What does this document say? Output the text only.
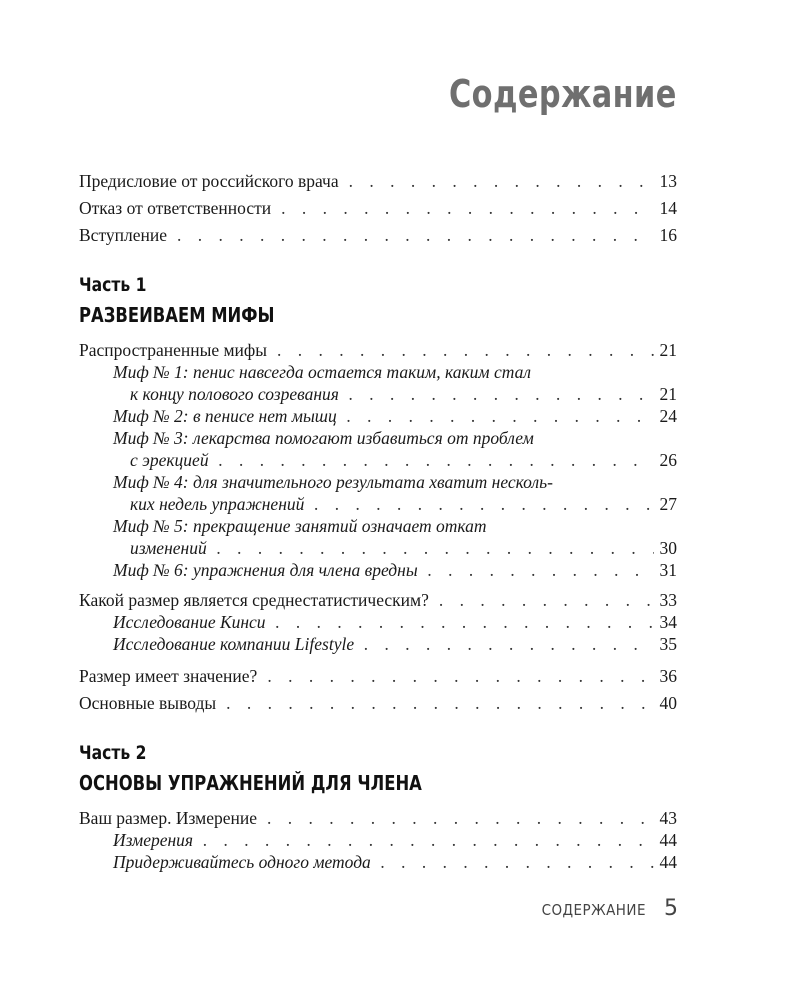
Содержание
Предисловие от российского врача . . .	13
Отказ от ответственности . . .	14
Вступление . . .	16
Часть 1
РАЗВЕИВАЕМ МИФЫ
Распространенные мифы . . .	21
Миф № 1: пенис навсегда остается таким, каким стал
к концу полового созревания . . .	21
Миф № 2: в пенисе нет мышц . . .	24
Миф № 3: лекарства помогают избавиться от проблем
с эрекцией . . .	26
Миф № 4: для значительного результата хватит несколь-
ких недель упражнений . . .	27
Миф № 5: прекращение занятий означает откат
изменений . . .	30
Миф № 6: упражнения для члена вредны . . .	31
Какой размер является среднестатистическим? . . .	33
Исследование Кинси . . .	34
Исследование компании Lifestyle . . .	35
Размер имеет значение? . . .	36
Основные выводы . . .	40
Часть 2
ОСНОВЫ УПРАЖНЕНИЙ ДЛЯ ЧЛЕНА
Ваш размер. Измерение . . .	43
Измерения . . .	44
Придерживайтесь одного метода . . .	44
СОДЕРЖАНИЕ 5
